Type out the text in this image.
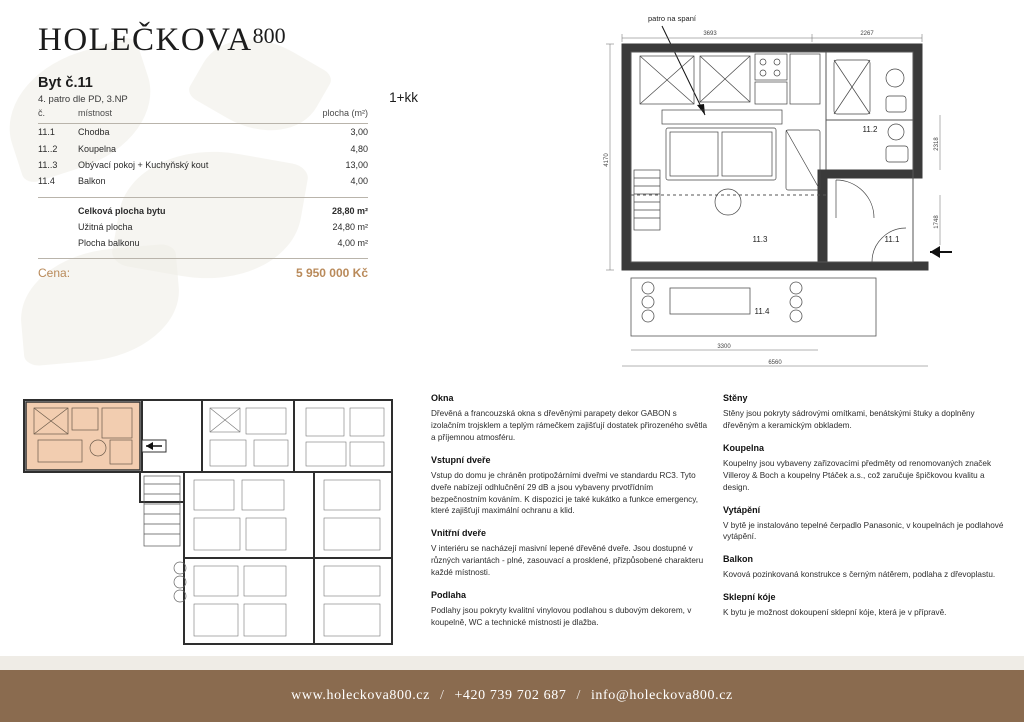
HOLEČKOVA$^{800}$
Byt č.11
4. patro dle PD, 3.NP	1+kk
č.	místnost	plocha (m²)
11.1	Chodba	3,00
11..2	Koupelna	4,80
11..3	Obývací pokoj + Kuchyňský kout	13,00
11.4	Balkon	4,00
Celková plocha bytu	28,80 m²
Užitná plocha	24,80 m²
Plocha balkonu	4,00 m²
Cena:	5 950 000 Kč
patro na spaní
3693	2267
4170
2318
1748
3300
6560
11.2
11.3	11.1
11.4
Okna

Dřevěná a francouzská okna s dřevěnými parapety dekor GABON s izolačním trojsklem a teplým rámečkem zajišťují dostatek přirozeného světla a příjemnou atmosféru.

Vstupní dveře

Vstup do domu je chráněn protipožárními dveřmi ve standardu RC3. Tyto dveře nabízejí odhlučnění 29 dB a jsou vybaveny prvotřídním bezpečnostním kováním. K dispozici je také kukátko a funkce emergency, které zajišťují maximální ochranu a klid.

Vnitřní dveře

V interiéru se nacházejí masivní lepené dřevěné dveře. Jsou dostupné v různých variantách - plné, zasouvací a prosklené, přizpůsobené charakteru každé místnosti.

Podlaha

Podlahy jsou pokryty kvalitní vinylovou podlahou s dubovým dekorem, v koupelně, WC a technické místnosti je dlažba.

Stěny

Stěny jsou pokryty sádrovými omítkami, benátskými štuky a doplněny dřevěným a keramickým obkladem.

Koupelna

Koupelny jsou vybaveny zařizovacími předměty od renomovaných značek Villeroy & Boch a koupelny Ptáček a.s., což zaručuje špičkovou kvalitu a design.

Vytápění

V bytě je instalováno tepelné čerpadlo Panasonic, v koupelnách je podlahové vytápění.

Balkon

Kovová pozinkovaná konstrukce s černým nátěrem, podlaha z dřevoplastu.

Sklepní kóje

K bytu je možnost dokoupení sklepní kóje, která je v přípravě.

www.holeckova800.cz / +420 739 702 687 / info@holeckova800.cz
